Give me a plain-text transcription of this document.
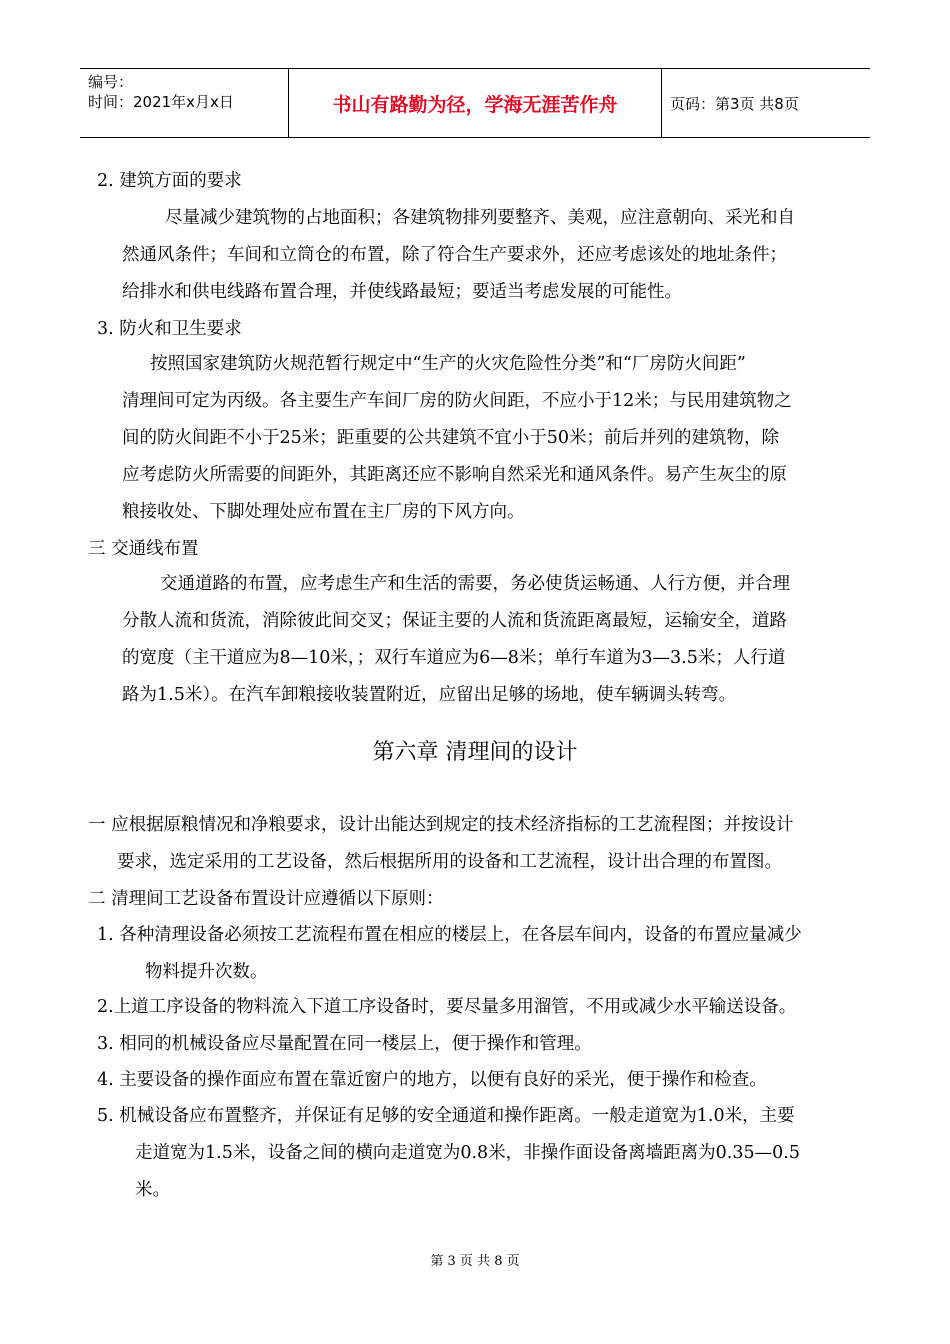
编号：
时间：2021年x月x日	书山有路勤为径，学海无涯苦作舟	页码：第3页 共8页
2. 建筑方面的要求
尽量减少建筑物的占地面积；各建筑物排列要整齐、美观，应注意朝向、采光和自
然通风条件；车间和立筒仓的布置，除了符合生产要求外，还应考虑该处的地址条件；
给排水和供电线路布置合理，并使线路最短；要适当考虑发展的可能性。
3. 防火和卫生要求
按照国家建筑防火规范暂行规定中“生产的火灾危险性分类”和“厂房防火间距”
清理间可定为丙级。各主要生产车间厂房的防火间距，不应小于12米；与民用建筑物之
间的防火间距不小于25米；距重要的公共建筑不宜小于50米；前后并列的建筑物，除
应考虑防火所需要的间距外，其距离还应不影响自然采光和通风条件。易产生灰尘的原
粮接收处、下脚处理处应布置在主厂房的下风方向。
三 交通线布置
交通道路的布置，应考虑生产和生活的需要，务必使货运畅通、人行方便，并合理
分散人流和货流，消除彼此间交叉；保证主要的人流和货流距离最短，运输安全，道路
的宽度（主干道应为8—10米，；双行车道应为6—8米；单行车道为3—3.5米；人行道
路为1.5米）。在汽车卸粮接收装置附近，应留出足够的场地，使车辆调头转弯。
第六章 清理间的设计
一 应根据原粮情况和净粮要求，设计出能达到规定的技术经济指标的工艺流程图；并按设计
要求，选定采用的工艺设备，然后根据所用的设备和工艺流程，设计出合理的布置图。
二 清理间工艺设备布置设计应遵循以下原则：
1. 各种清理设备必须按工艺流程布置在相应的楼层上，在各层车间内，设备的布置应量减少
物料提升次数。
2.上道工序设备的物料流入下道工序设备时，要尽量多用溜管，不用或减少水平输送设备。
3. 相同的机械设备应尽量配置在同一楼层上，便于操作和管理。
4. 主要设备的操作面应布置在靠近窗户的地方，以便有良好的采光，便于操作和检查。
5. 机械设备应布置整齐，并保证有足够的安全通道和操作距离。一般走道宽为1.0米，主要
走道宽为1.5米，设备之间的横向走道宽为0.8米，非操作面设备离墙距离为0.35—0.5
米。
第 3 页 共 8 页
